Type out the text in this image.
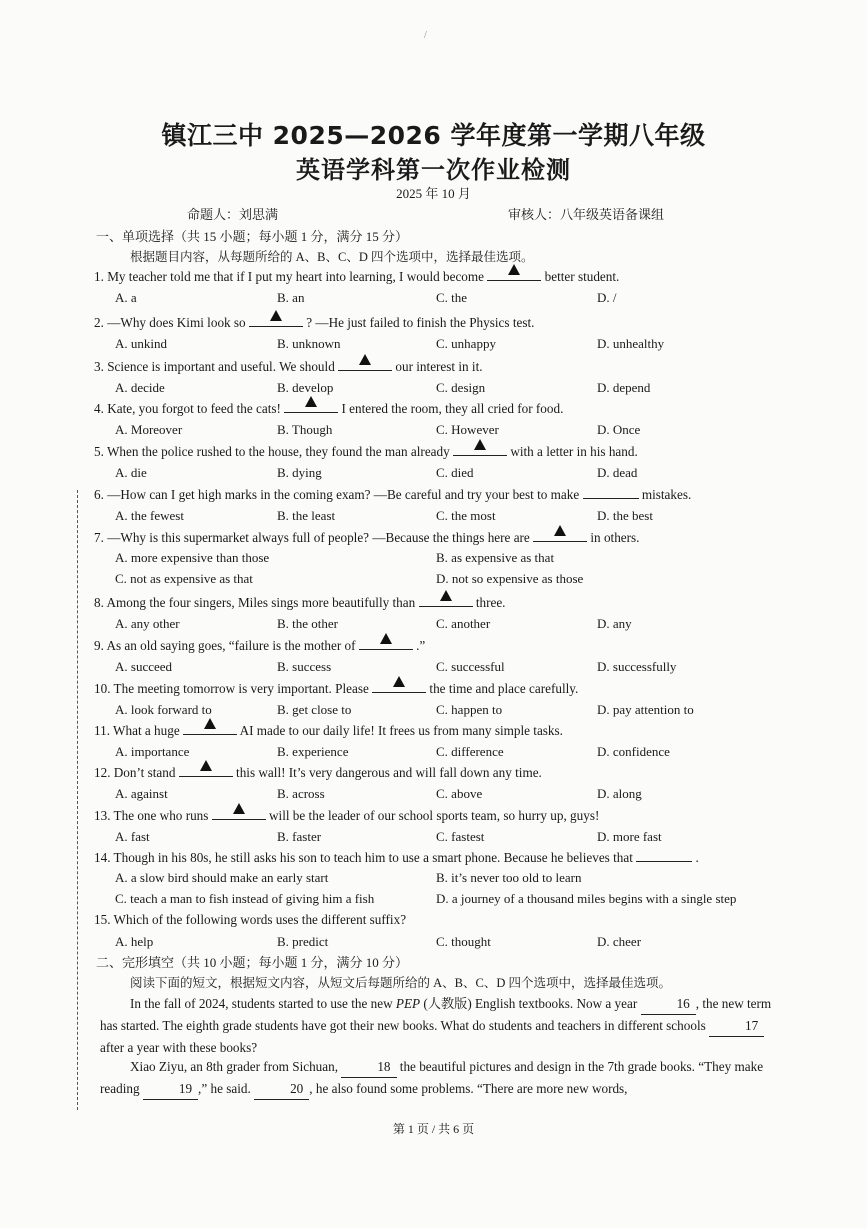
/
镇江三中 2025—2026 学年度第一学期八年级
英语学科第一次作业检测
2025 年 10 月
命题人：刘思满	审核人：八年级英语备课组
一、单项选择（共 15 小题；每小题 1 分，满分 15 分）
根据题目内容，从每题所给的 A、B、C、D 四个选项中，选择最佳选项。
1. My teacher told me that if I put my heart into learning, I would become	better student.
A. a	B. an	C. the	D. /
2. —Why does Kimi look so	? —He just failed to finish the Physics test.
A. unkind	B. unknown	C. unhappy	D. unhealthy
3. Science is important and useful. We should	our interest in it.
A. decide	B. develop	C. design	D. depend
4. Kate, you forgot to feed the cats!	I entered the room, they all cried for food.
A. Moreover	B. Though	C. However	D. Once
5. When the police rushed to the house, they found the man already	with a letter in his hand.
A. die	B. dying	C. died	D. dead
6. —How can I get high marks in the coming exam? —Be careful and try your best to make	mistakes.
A. the fewest	B. the least	C. the most	D. the best
7. —Why is this supermarket always full of people? —Because the things here are	in others.
A. more expensive than those	B. as expensive as that
C. not as expensive as that	D. not so expensive as those
8. Among the four singers, Miles sings more beautifully than	three.
A. any other	B. the other	C. another	D. any
9. As an old saying goes, “failure is the mother of	.”
A. succeed	B. success	C. successful	D. successfully
10. The meeting tomorrow is very important. Please	the time and place carefully.
A. look forward to	B. get close to	C. happen to	D. pay attention to
11. What a huge	AI made to our daily life! It frees us from many simple tasks.
A. importance	B. experience	C. difference	D. confidence
12. Don’t stand	this wall! It’s very dangerous and will fall down any time.
A. against	B. across	C. above	D. along
13. The one who runs	will be the leader of our school sports team, so hurry up, guys!
A. fast	B. faster	C. fastest	D. more fast
14. Though in his 80s, he still asks his son to teach him to use a smart phone. Because he believes that	.
A. a slow bird should make an early start	B. it’s never too old to learn
C. teach a man to fish instead of giving him a fish	D. a journey of a thousand miles begins with a single step
15. Which of the following words uses the different suffix?
A. help	B. predict	C. thought	D. cheer
二、完形填空（共 10 小题；每小题 1 分，满分 10 分）
阅读下面的短文，根据短文内容，从短文后每题所给的 A、B、C、D 四个选项中，选择最佳选项。
In the fall of 2024, students started to use the new PEP (人教版) English textbooks. Now a year	16 , the new term has started. The eighth grade students have got their new books. What do students and teachers in different schools	17 after a year with these books?
Xiao Ziyu, an 8th grader from Sichuan,	18 the beautiful pictures and design in the 7th grade books. “They make reading	19 ,” he said.	20 , he also found some problems. “There are more new words,
第 1 页 / 共 6 页
